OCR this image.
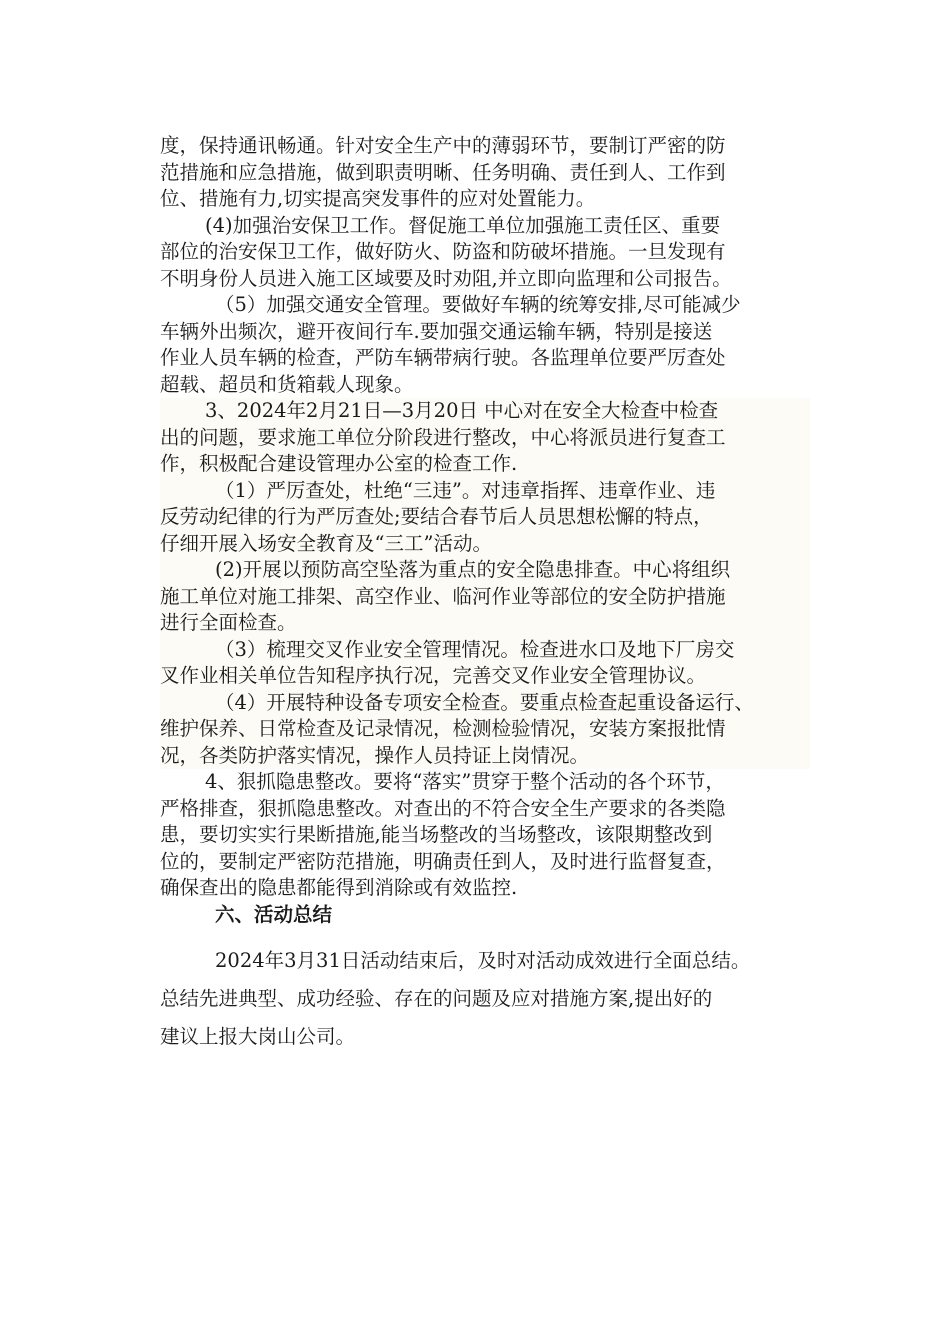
度，保持通讯畅通。针对安全生产中的薄弱环节，要制订严密的防
范措施和应急措施，做到职责明晰、任务明确、责任到人、工作到
位、措施有力,切实提高突发事件的应对处置能力。
(4)加强治安保卫工作。督促施工单位加强施工责任区、重要
部位的治安保卫工作，做好防火、防盗和防破坏措施。一旦发现有
不明身份人员进入施工区域要及时劝阻,并立即向监理和公司报告。
（5）加强交通安全管理。要做好车辆的统筹安排,尽可能减少
车辆外出频次，避开夜间行车.要加强交通运输车辆，特别是接送
作业人员车辆的检查，严防车辆带病行驶。各监理单位要严厉查处
超载、超员和货箱载人现象。
3、2024年2月21日—3月20日 中心对在安全大检查中检查
出的问题，要求施工单位分阶段进行整改，中心将派员进行复查工
作，积极配合建设管理办公室的检查工作.
（1）严厉查处，杜绝“三违”。对违章指挥、违章作业、违
反劳动纪律的行为严厉查处;要结合春节后人员思想松懈的特点，
仔细开展入场安全教育及“三工”活动。
(2)开展以预防高空坠落为重点的安全隐患排查。中心将组织
施工单位对施工排架、高空作业、临河作业等部位的安全防护措施
进行全面检查。
（3）梳理交叉作业安全管理情况。检查进水口及地下厂房交
叉作业相关单位告知程序执行况，完善交叉作业安全管理协议。
（4）开展特种设备专项安全检查。要重点检查起重设备运行、
维护保养、日常检查及记录情况，检测检验情况，安装方案报批情
况，各类防护落实情况，操作人员持证上岗情况。
4、狠抓隐患整改。要将“落实”贯穿于整个活动的各个环节，
严格排查，狠抓隐患整改。对查出的不符合安全生产要求的各类隐
患，要切实实行果断措施,能当场整改的当场整改，该限期整改到
位的，要制定严密防范措施，明确责任到人，及时进行监督复查，
确保查出的隐患都能得到消除或有效监控.
六、活动总结
2024年3月31日活动结束后，及时对活动成效进行全面总结。
总结先进典型、成功经验、存在的问题及应对措施方案,提出好的
建议上报大岗山公司。
